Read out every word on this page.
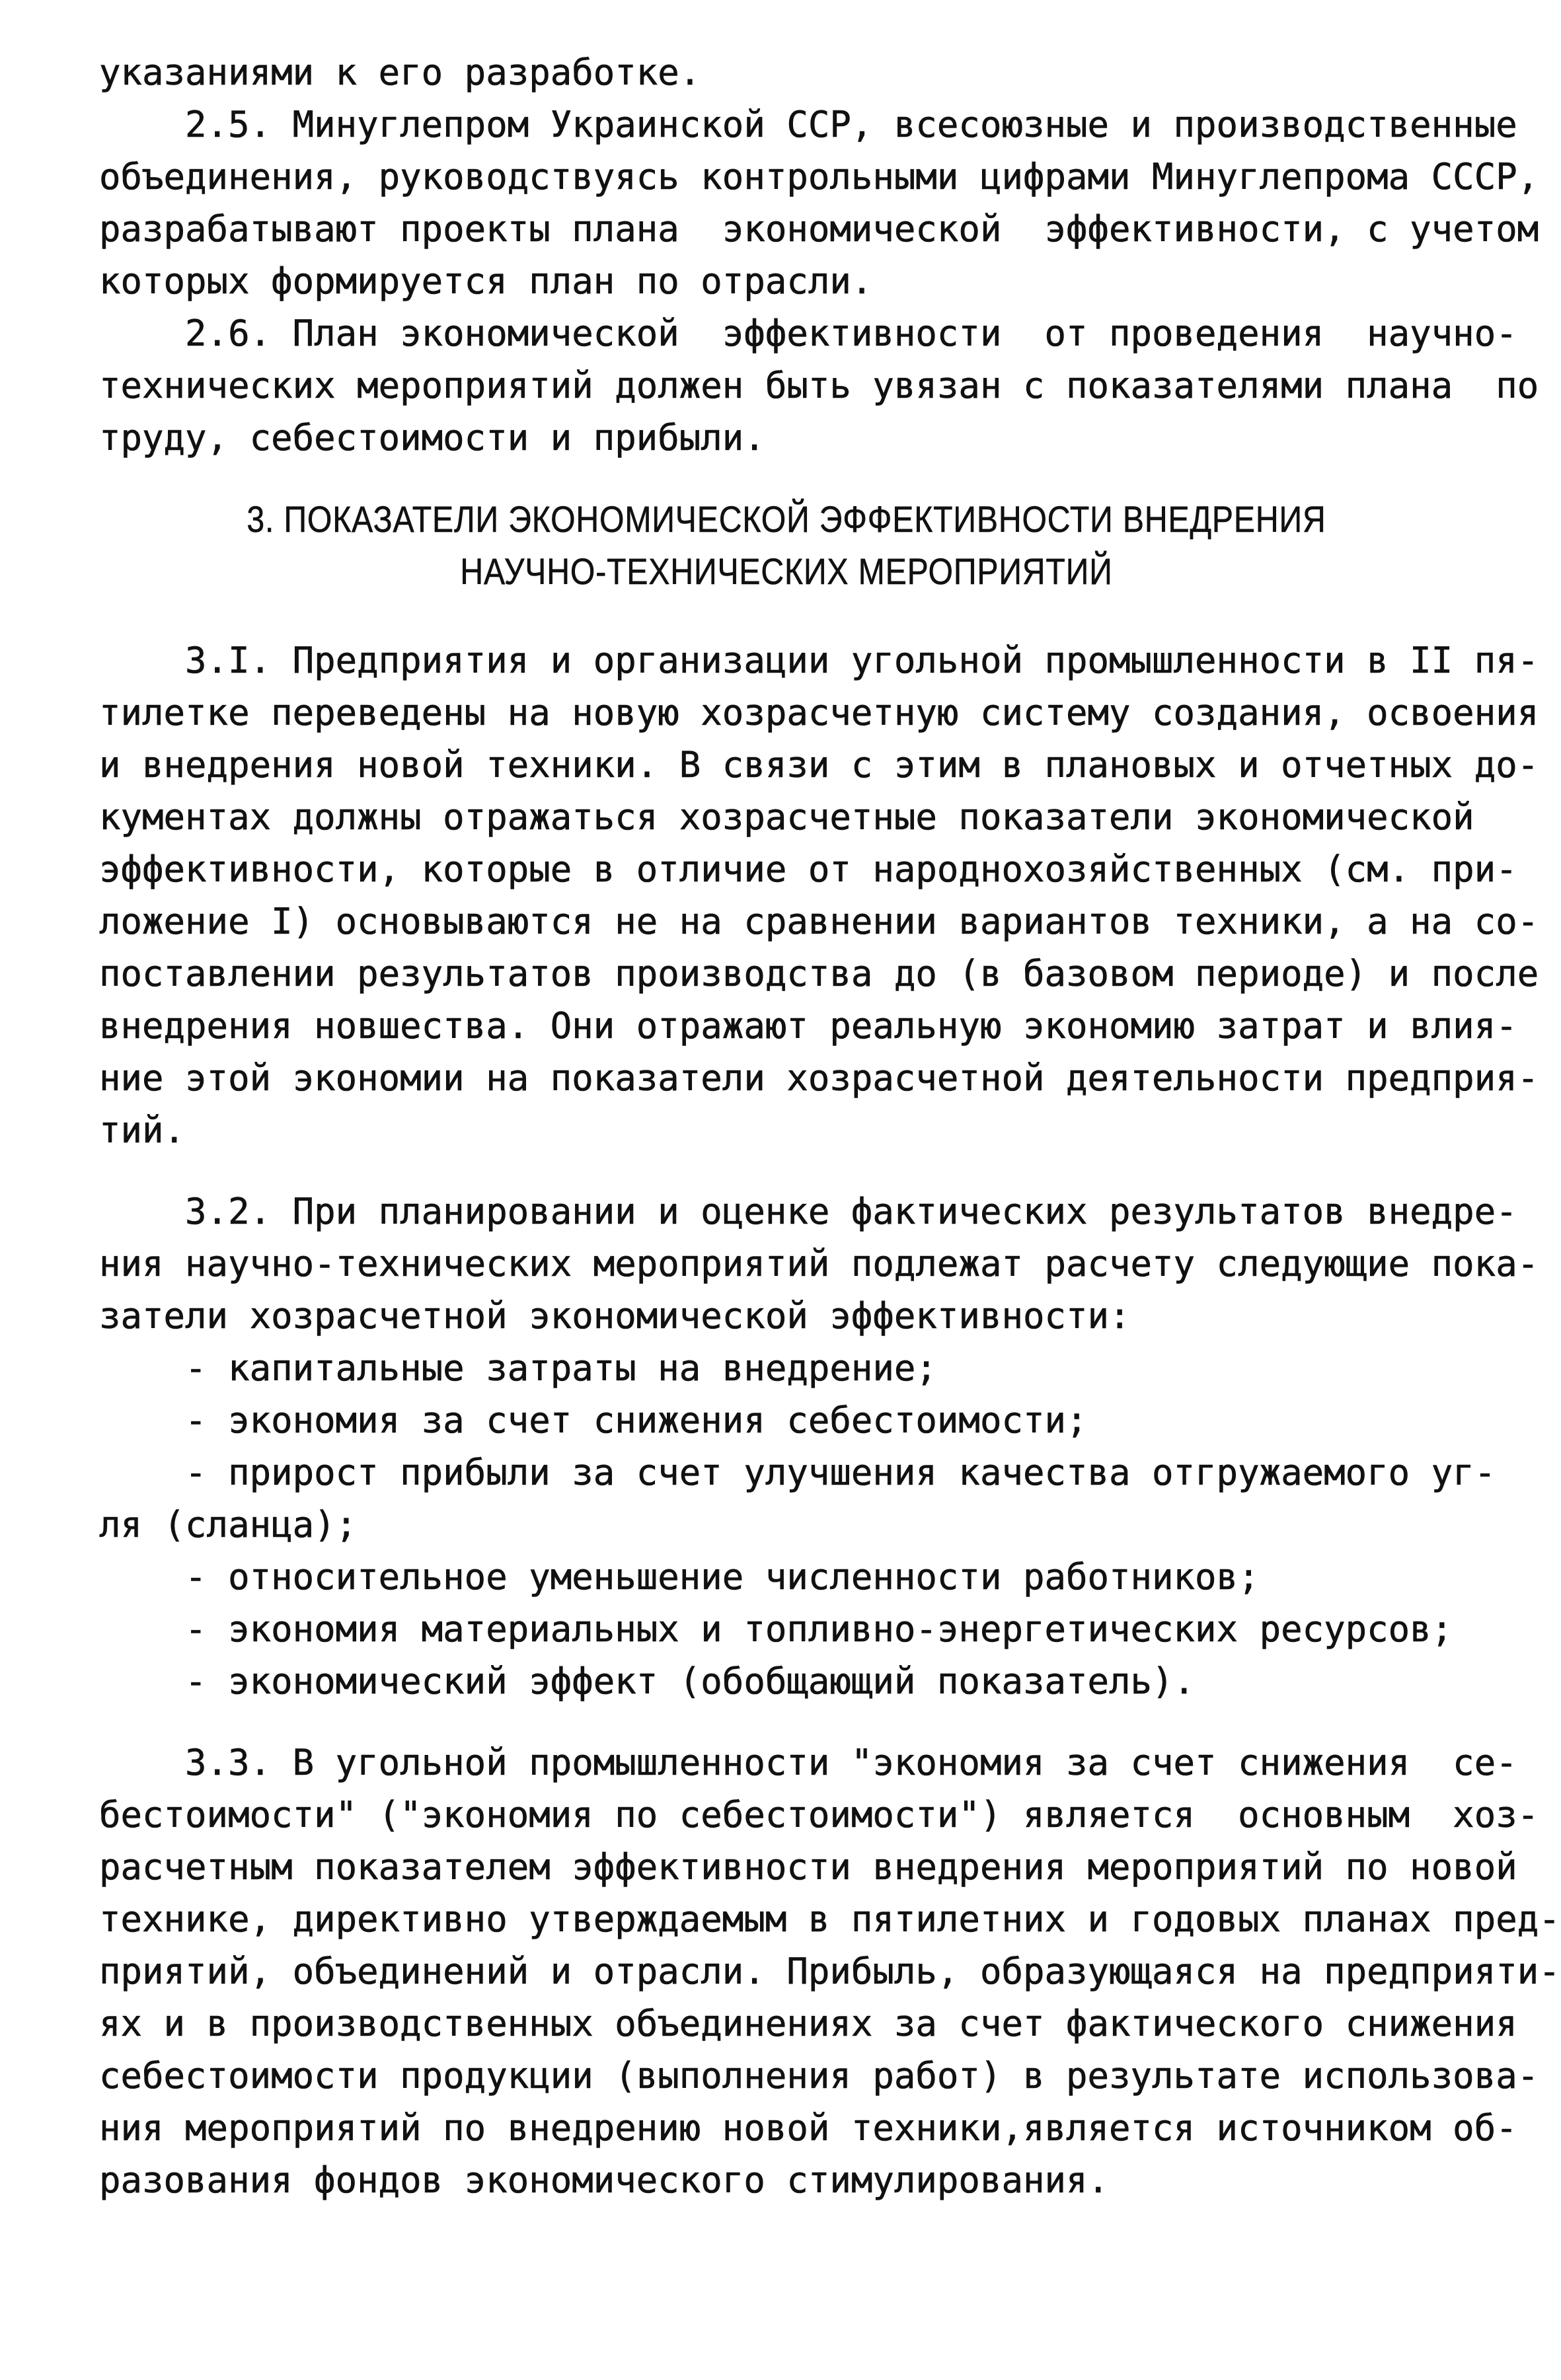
указаниями к его разработке.
2.5. Минуглепром Украинской ССР, всесоюзные и производственные
объединения, руководствуясь контрольными цифрами Минуглепрома СССР,
разрабатывают проекты плана  экономической  эффективности, с учетом
которых формируется план по отрасли.
2.6. План экономической  эффективности  от проведения  научно-
технических мероприятий должен быть увязан с показателями плана  по
труду, себестоимости и прибыли.
3. ПОКАЗАТЕЛИ ЭКОНОМИЧЕСКОЙ ЭФФЕКТИВНОСТИ ВНЕДРЕНИЯ
НАУЧНО-ТЕХНИЧЕСКИХ МЕРОПРИЯТИЙ
3.I. Предприятия и организации угольной промышленности в II пя-
тилетке переведены на новую хозрасчетную систему создания, освоения
и внедрения новой техники. В связи с этим в плановых и отчетных до-
кументах должны отражаться хозрасчетные показатели экономической
эффективности, которые в отличие от народнохозяйственных (см. при-
ложение I) основываются не на сравнении вариантов техники, а на со-
поставлении результатов производства до (в базовом периоде) и после
внедрения новшества. Они отражают реальную экономию затрат и влия-
ние этой экономии на показатели хозрасчетной деятельности предприя-
тий.
3.2. При планировании и оценке фактических результатов внедре-
ния научно-технических мероприятий подлежат расчету следующие пока-
затели хозрасчетной экономической эффективности:
- капитальные затраты на внедрение;
- экономия за счет снижения себестоимости;
- прирост прибыли за счет улучшения качества отгружаемого уг-
ля (сланца);
- относительное уменьшение численности работников;
- экономия материальных и топливно-энергетических ресурсов;
- экономический эффект (обобщающий показатель).
3.3. В угольной промышленности "экономия за счет снижения  се-
бестоимости" ("экономия по себестоимости") является  основным  хоз-
расчетным показателем эффективности внедрения мероприятий по новой
технике, директивно утверждаемым в пятилетних и годовых планах пред-
приятий, объединений и отрасли. Прибыль, образующаяся на предприяти-
ях и в производственных объединениях за счет фактического снижения
себестоимости продукции (выполнения работ) в результате использова-
ния мероприятий по внедрению новой техники,является источником об-
разования фондов экономического стимулирования.
